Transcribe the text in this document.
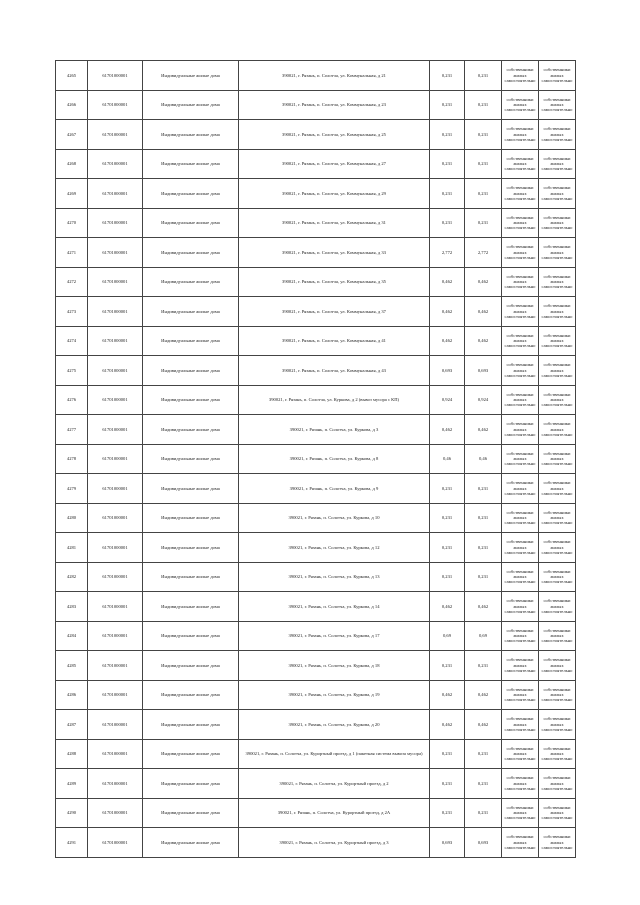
4265	61701000001	Индивидуальные жилые дома	390021, г. Рязань, п. Солотча, ул. Коммунальная, д 21	0,231	0,231	собственники жилых самостоятельно	собственники жилых самостоятельно
4266	61701000001	Индивидуальные жилые дома	390021, г. Рязань, п. Солотча, ул. Коммунальная, д 23	0,231	0,231	собственники жилых самостоятельно	собственники жилых самостоятельно
4267	61701000001	Индивидуальные жилые дома	390021, г. Рязань, п. Солотча, ул. Коммунальная, д 25	0,231	0,231	собственники жилых самостоятельно	собственники жилых самостоятельно
4268	61701000001	Индивидуальные жилые дома	390021, г. Рязань, п. Солотча, ул. Коммунальная, д 27	0,231	0,231	собственники жилых самостоятельно	собственники жилых самостоятельно
4269	61701000001	Индивидуальные жилые дома	390021, г. Рязань, п. Солотча, ул. Коммунальная, д 29	0,231	0,231	собственники жилых самостоятельно	собственники жилых самостоятельно
4270	61701000001	Индивидуальные жилые дома	390021, г. Рязань, п. Солотча, ул. Коммунальная, д 31	0,231	0,231	собственники жилых самостоятельно	собственники жилых самостоятельно
4271	61701000001	Индивидуальные жилые дома	390021, г. Рязань, п. Солотча, ул. Коммунальная, д 33	2,772	2,772	собственники жилых самостоятельно	собственники жилых самостоятельно
4272	61701000001	Индивидуальные жилые дома	390021, г. Рязань, п. Солотча, ул. Коммунальная, д 35	0,462	0,462	собственники жилых самостоятельно	собственники жилых самостоятельно
4273	61701000001	Индивидуальные жилые дома	390021, г. Рязань, п. Солотча, ул. Коммунальная, д 37	0,462	0,462	собственники жилых самостоятельно	собственники жилых самостоятельно
4274	61701000001	Индивидуальные жилые дома	390021, г. Рязань, п. Солотча, ул. Коммунальная, д 41	0,462	0,462	собственники жилых самостоятельно	собственники жилых самостоятельно
4275	61701000001	Индивидуальные жилые дома	390021, г. Рязань, п. Солотча, ул. Коммунальная, д 43	0,693	0,693	собственники жилых самостоятельно	собственники жилых самостоятельно
4276	61701000001	Индивидуальные жилые дома	390021, г. Рязань, п. Солотча, ул. Куркова, д 2 (вывоз мусора с КП)	0,924	0,924	собственники жилых самостоятельно	собственники жилых самостоятельно
4277	61701000001	Индивидуальные жилые дома	390021, г. Рязань, п. Солотча, ул. Куркова, д 3	0,462	0,462	собственники жилых самостоятельно	собственники жилых самостоятельно
4278	61701000001	Индивидуальные жилые дома	390021, г. Рязань, п. Солотча, ул. Куркова, д 8	0,46	0,46	собственники жилых самостоятельно	собственники жилых самостоятельно
4279	61701000001	Индивидуальные жилые дома	390021, г. Рязань, п. Солотча, ул. Куркова, д 9	0,231	0,231	собственники жилых самостоятельно	собственники жилых самостоятельно
4280	61701000001	Индивидуальные жилые дома	390021, г. Рязань, п. Солотча, ул. Куркова, д 10	0,231	0,231	собственники жилых самостоятельно	собственники жилых самостоятельно
4281	61701000001	Индивидуальные жилые дома	390021, г. Рязань, п. Солотча, ул. Куркова, д 12	0,231	0,231	собственники жилых самостоятельно	собственники жилых самостоятельно
4282	61701000001	Индивидуальные жилые дома	390021, г. Рязань, п. Солотча, ул. Куркова, д 13	0,231	0,231	собственники жилых самостоятельно	собственники жилых самостоятельно
4283	61701000001	Индивидуальные жилые дома	390021, г. Рязань, п. Солотча, ул. Куркова, д 14	0,462	0,462	собственники жилых самостоятельно	собственники жилых самостоятельно
4284	61701000001	Индивидуальные жилые дома	390021, г. Рязань, п. Солотча, ул. Куркова, д 17	0,69	0,69	собственники жилых самостоятельно	собственники жилых самостоятельно
4285	61701000001	Индивидуальные жилые дома	390021, г. Рязань, п. Солотча, ул. Куркова, д 18	0,231	0,231	собственники жилых самостоятельно	собственники жилых самостоятельно
4286	61701000001	Индивидуальные жилые дома	390021, г. Рязань, п. Солотча, ул. Куркова, д 19	0,462	0,462	собственники жилых самостоятельно	собственники жилых самостоятельно
4287	61701000001	Индивидуальные жилые дома	390021, г. Рязань, п. Солотча, ул. Куркова, д 20	0,462	0,462	собственники жилых самостоятельно	собственники жилых самостоятельно
4288	61701000001	Индивидуальные жилые дома	390021, г. Рязань, п. Солотча, ул. Курортный проезд, д 1 (пакетная система вывоза мусора)	0,231	0,231	собственники жилых самостоятельно	собственники жилых самостоятельно
4289	61701000001	Индивидуальные жилые дома	390021, г. Рязань, п. Солотча, ул. Курортный проезд, д 2	0,231	0,231	собственники жилых самостоятельно	собственники жилых самостоятельно
4290	61701000001	Индивидуальные жилые дома	390021, г. Рязань, п. Солотча, ул. Курортный проезд, д 2А	0,231	0,231	собственники жилых самостоятельно	собственники жилых самостоятельно
4291	61701000001	Индивидуальные жилые дома	390021, г. Рязань, п. Солотча, ул. Курортный проезд, д 3	0,693	0,693	собственники жилых самостоятельно	собственники жилых самостоятельно
